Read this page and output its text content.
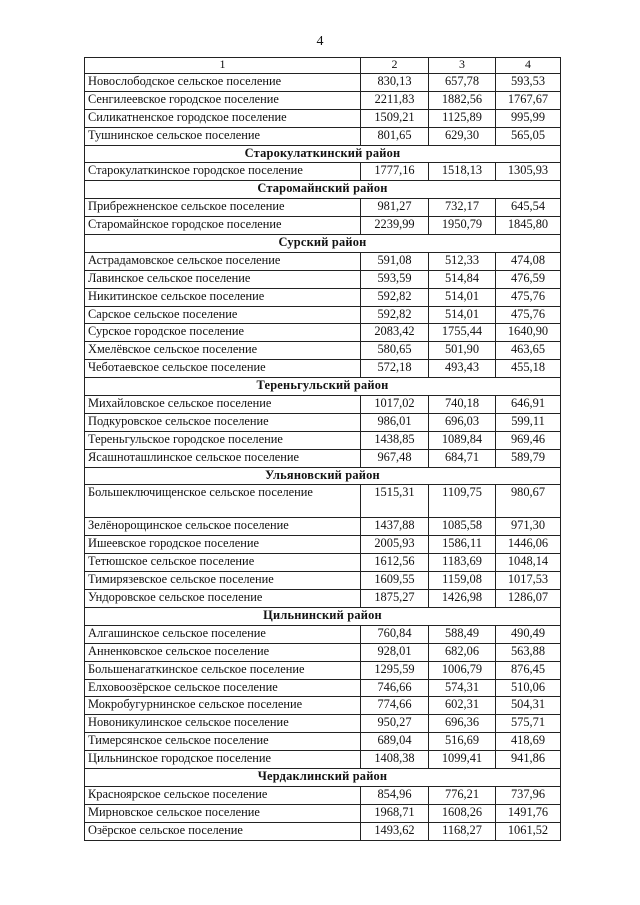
4
1	2	3	4
Новослободское сельское поселение	830,13	657,78	593,53
Сенгилеевское городское поселение	2211,83	1882,56	1767,67
Силикатненское городское поселение	1509,21	1125,89	995,99
Тушнинское сельское поселение	801,65	629,30	565,05
Старокулаткинский район			
Старокулаткинское городское поселение	1777,16	1518,13	1305,93
Старомайнский район			
Прибрежненское сельское поселение	981,27	732,17	645,54
Старомайнское городское поселение	2239,99	1950,79	1845,80
Сурский район			
Астрадамовское сельское поселение	591,08	512,33	474,08
Лавинское сельское поселение	593,59	514,84	476,59
Никитинское сельское поселение	592,82	514,01	475,76
Сарское сельское поселение	592,82	514,01	475,76
Сурское городское поселение	2083,42	1755,44	1640,90
Хмелёвское сельское поселение	580,65	501,90	463,65
Чеботаевское сельское поселение	572,18	493,43	455,18
Тереньгульский район			
Михайловское сельское поселение	1017,02	740,18	646,91
Подкуровское сельское поселение	986,01	696,03	599,11
Тереньгульское городское поселение	1438,85	1089,84	969,46
Ясашноташлинское сельское поселение	967,48	684,71	589,79
Ульяновский район			
Большеключищенское сельское поселение	1515,31	1109,75	980,67
Зелёнорощинское сельское поселение	1437,88	1085,58	971,30
Ишеевское городское поселение	2005,93	1586,11	1446,06
Тетюшское сельское поселение	1612,56	1183,69	1048,14
Тимирязевское сельское поселение	1609,55	1159,08	1017,53
Ундоровское сельское поселение	1875,27	1426,98	1286,07
Цильнинский район			
Алгашинское сельское поселение	760,84	588,49	490,49
Анненковское сельское поселение	928,01	682,06	563,88
Большенагаткинское сельское поселение	1295,59	1006,79	876,45
Елховоозёрское сельское поселение	746,66	574,31	510,06
Мокробугурнинское сельское поселение	774,66	602,31	504,31
Новоникулинское сельское поселение	950,27	696,36	575,71
Тимерсянское сельское поселение	689,04	516,69	418,69
Цильнинское городское поселение	1408,38	1099,41	941,86
Чердаклинский район			
Красноярское сельское поселение	854,96	776,21	737,96
Мирновское сельское поселение	1968,71	1608,26	1491,76
Озёрское сельское поселение	1493,62	1168,27	1061,52
